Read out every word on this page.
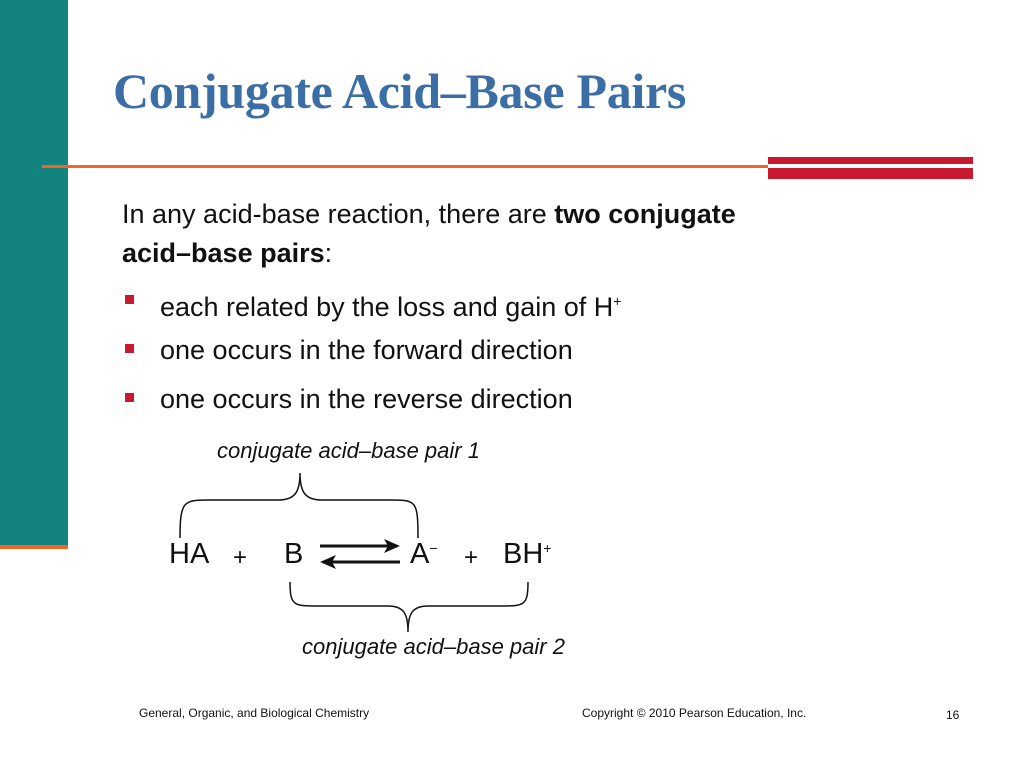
Conjugate Acid–Base Pairs
In any acid-base reaction, there are two conjugate
acid–base pairs:
each related by the loss and gain of H+
one occurs in the forward direction
one occurs in the reverse direction
conjugate acid–base pair 1
HA + B	A− + BH+
conjugate acid–base pair 2
General, Organic, and Biological Chemistry	Copyright © 2010 Pearson Education, Inc.	16
